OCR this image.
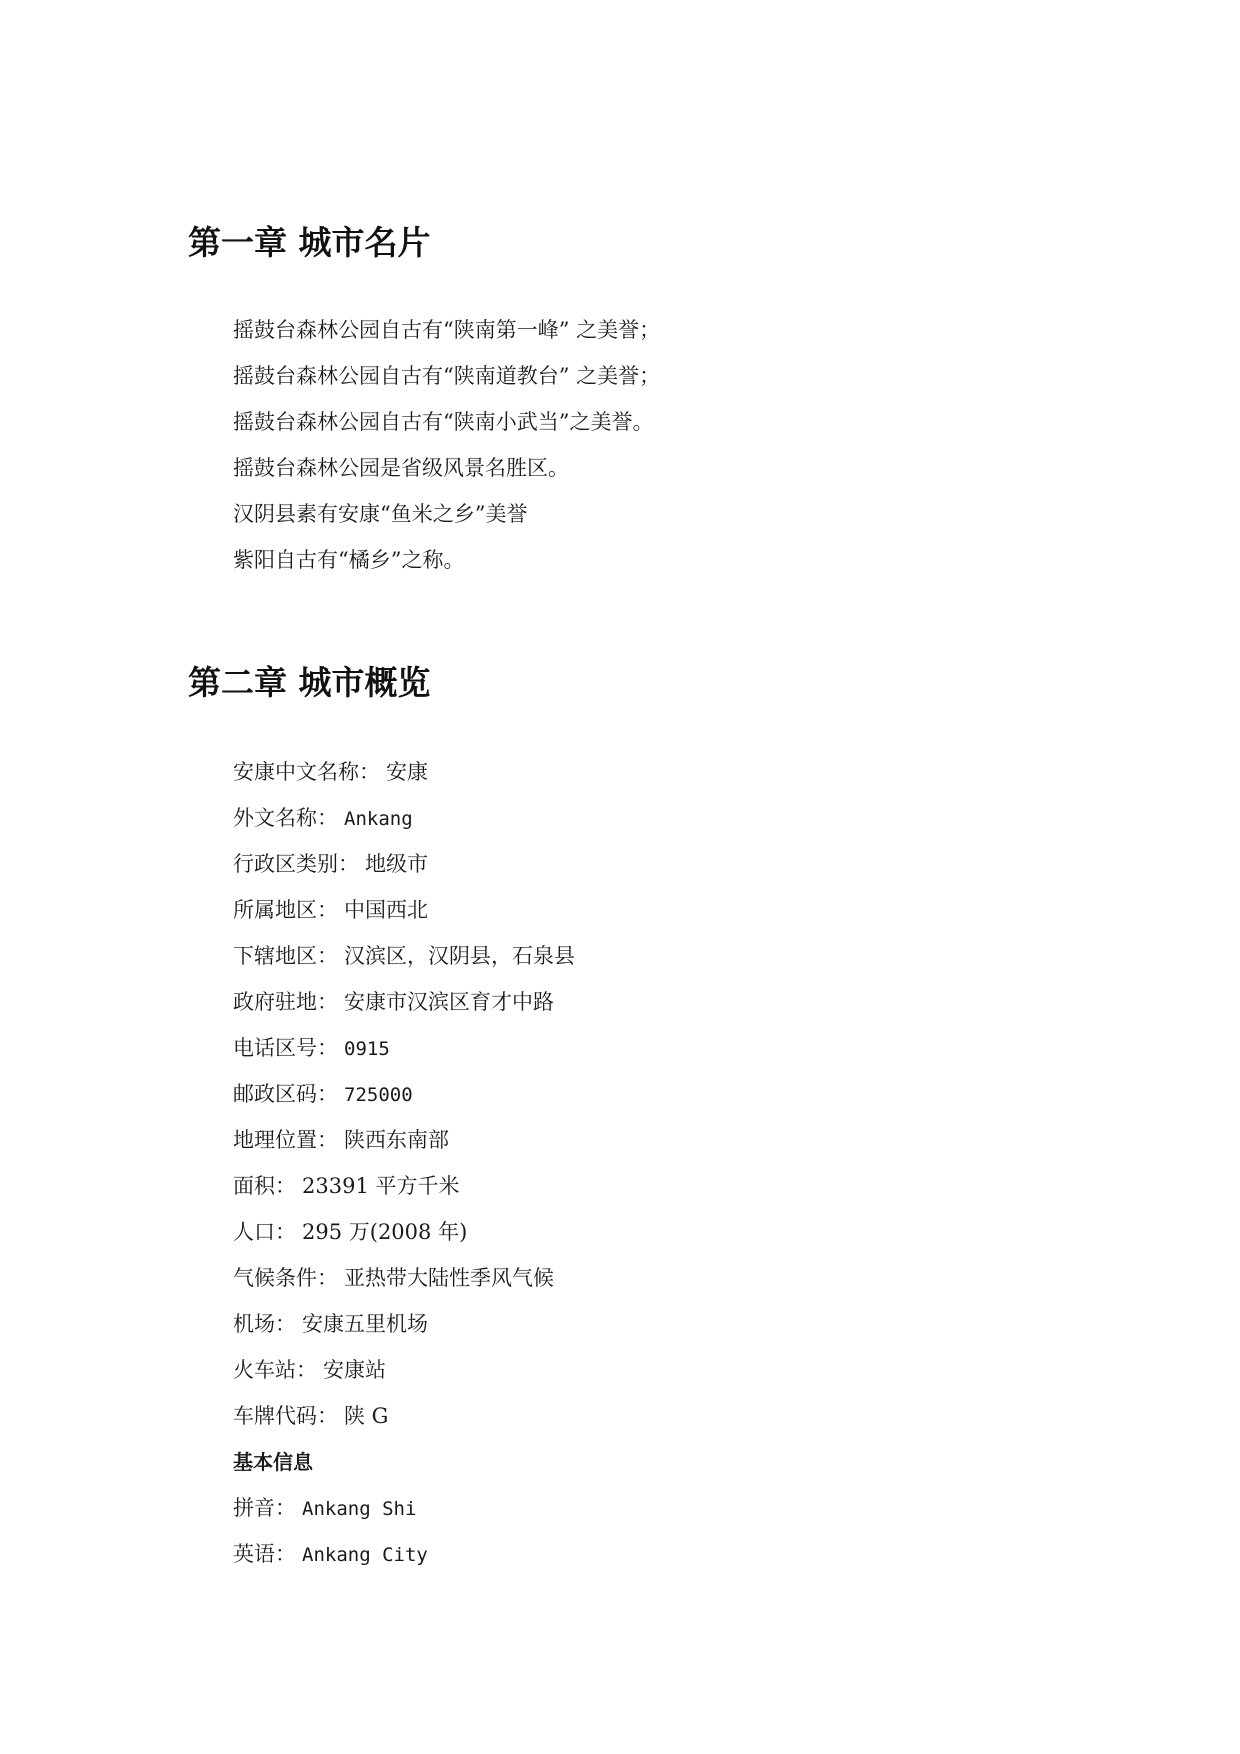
第一章 城市名片
摇鼓台森林公园自古有“陕南第一峰” 之美誉；
摇鼓台森林公园自古有“陕南道教台” 之美誉；
摇鼓台森林公园自古有“陕南小武当”之美誉。
摇鼓台森林公园是省级风景名胜区。
汉阴县素有安康“鱼米之乡”美誉
紫阳自古有“橘乡”之称。
第二章 城市概览
安康中文名称： 安康
外文名称： Ankang
行政区类别： 地级市
所属地区： 中国西北
下辖地区： 汉滨区，汉阴县，石泉县
政府驻地： 安康市汉滨区育才中路
电话区号： 0915
邮政区码： 725000
地理位置： 陕西东南部
面积： 23391 平方千米
人口： 295 万(2008 年)
气候条件： 亚热带大陆性季风气候
机场： 安康五里机场
火车站： 安康站
车牌代码： 陕 G
基本信息
拼音： Ankang Shi
英语： Ankang City
